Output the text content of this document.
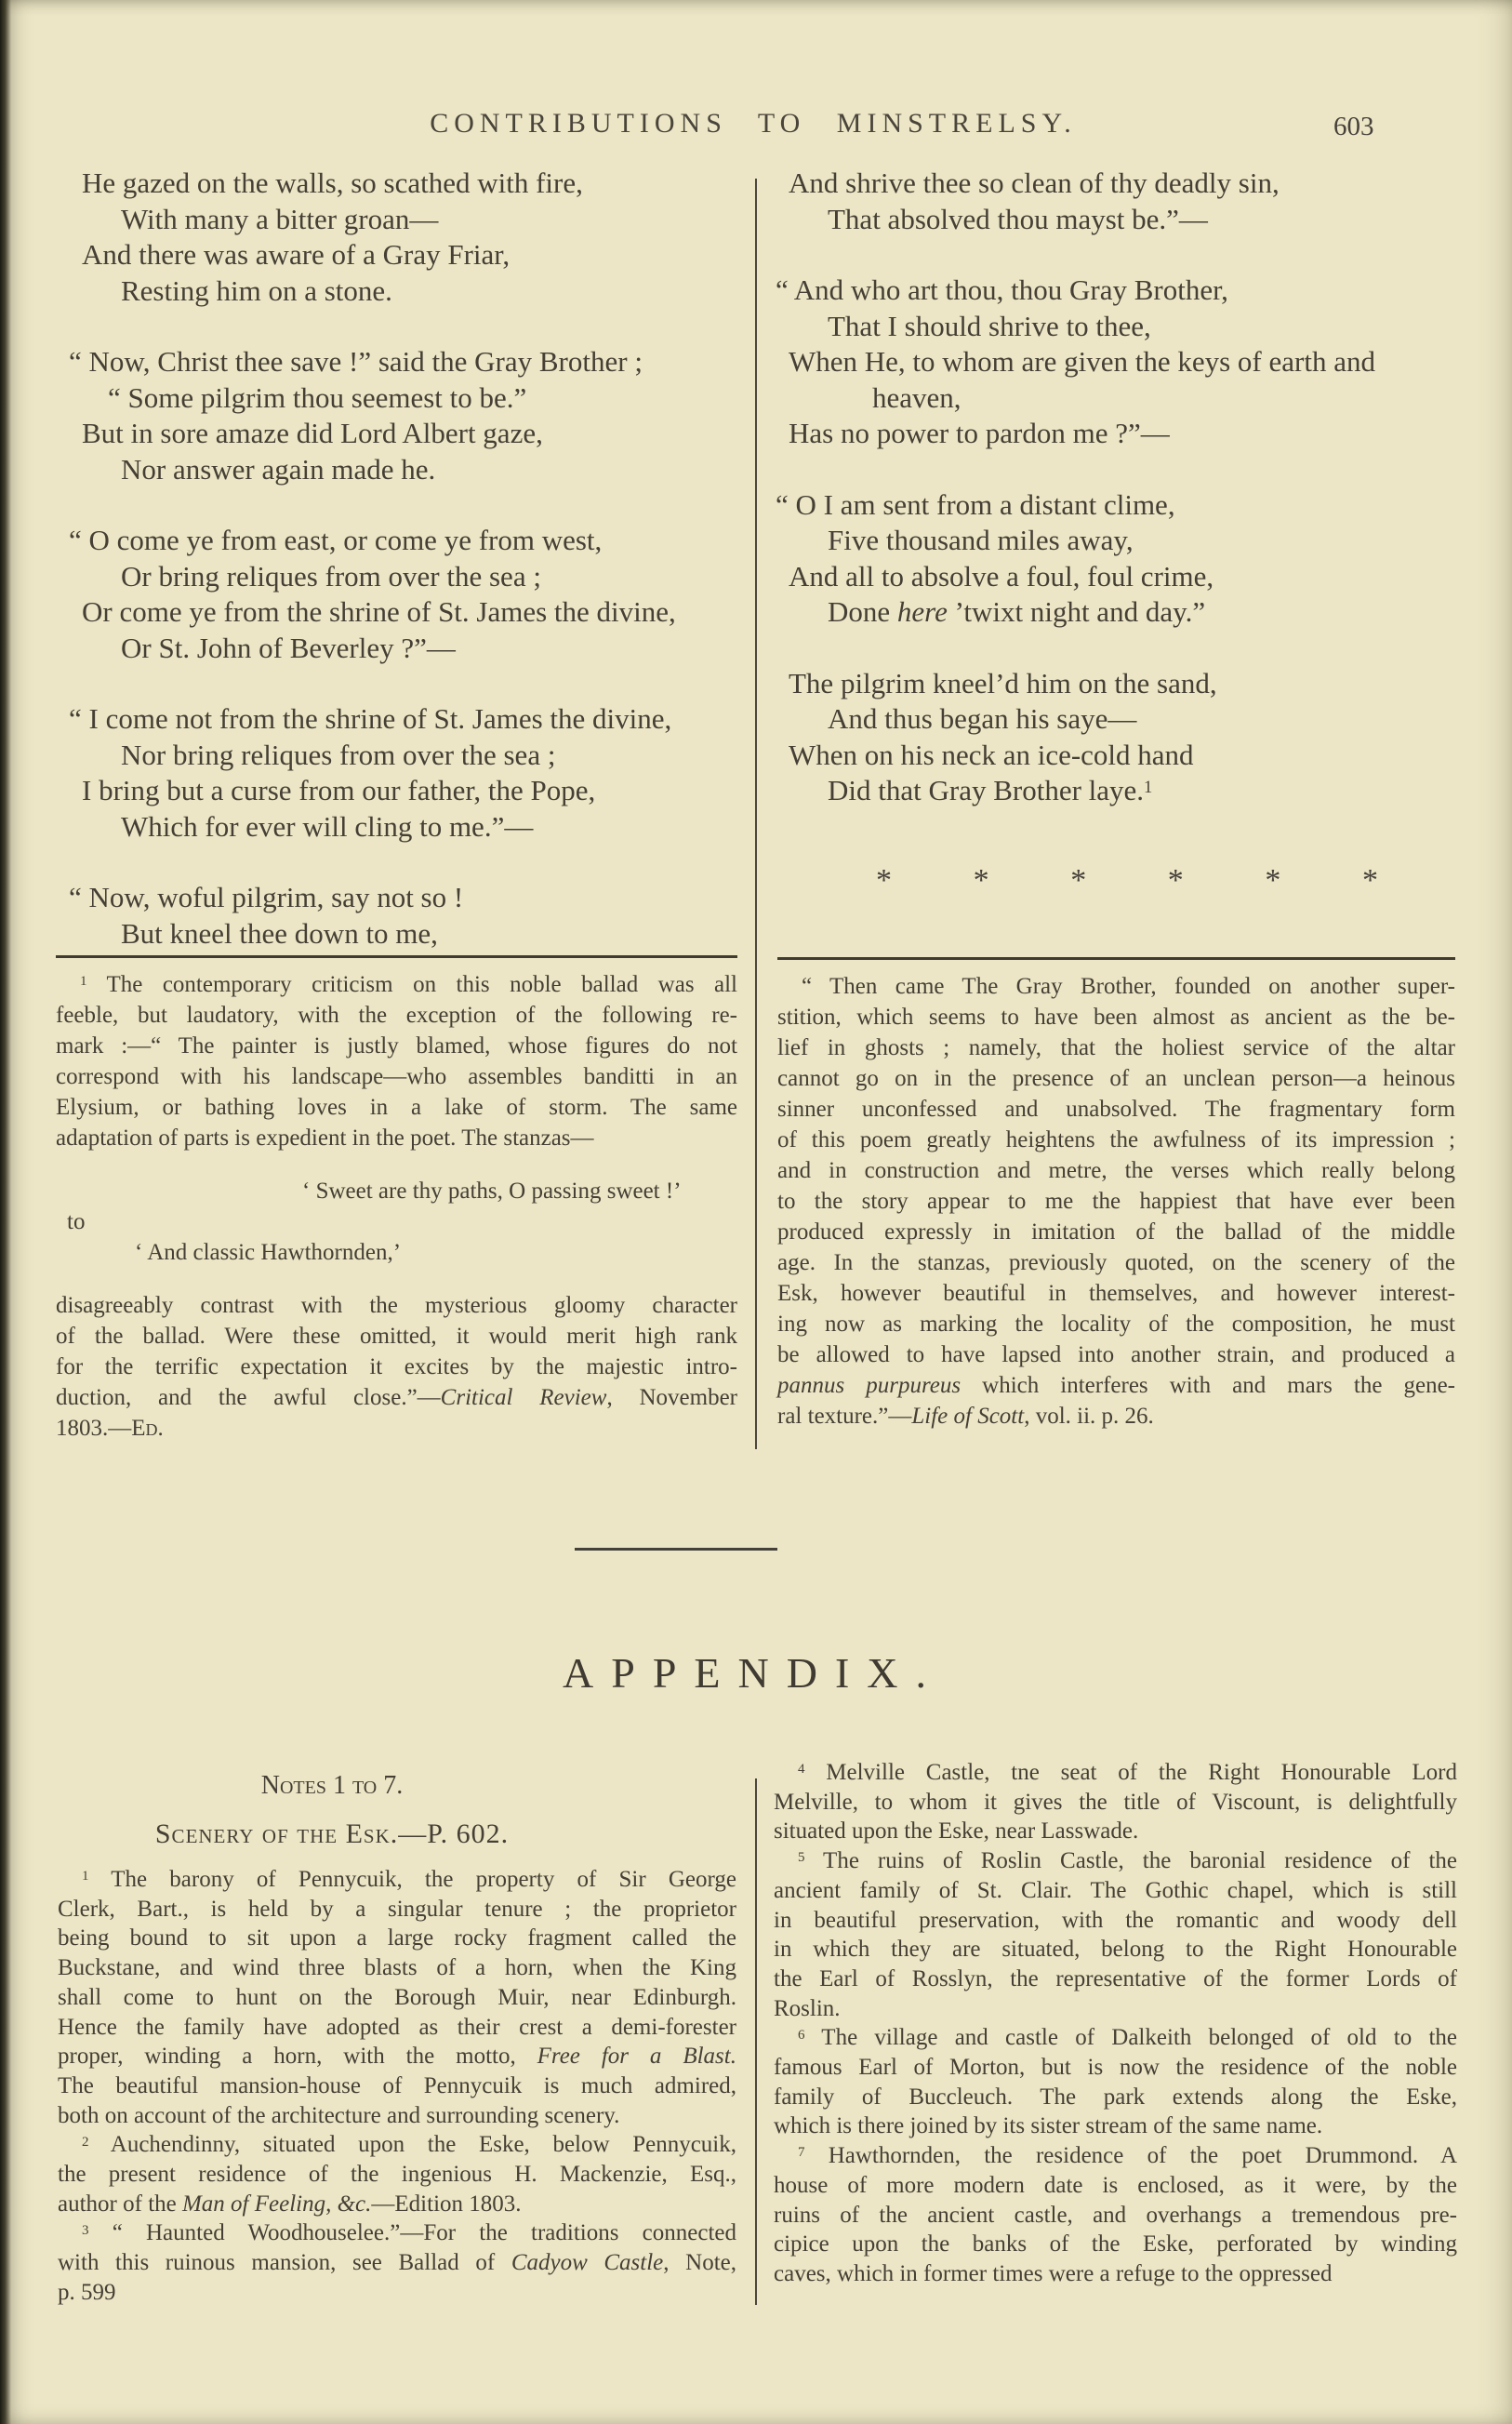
CONTRIBUTIONS TO MINSTRELSY.	603
He gazed on the walls, so scathed with fire,
With many a bitter groan—
And there was aware of a Gray Friar,
Resting him on a stone.
“ Now, Christ thee save !” said the Gray Brother ;
“ Some pilgrim thou seemest to be.”
But in sore amaze did Lord Albert gaze,
Nor answer again made he.
“ O come ye from east, or come ye from west,
Or bring reliques from over the sea ;
Or come ye from the shrine of St. James the divine,
Or St. John of Beverley ?”—
“ I come not from the shrine of St. James the divine,
Nor bring reliques from over the sea ;
I bring but a curse from our father, the Pope,
Which for ever will cling to me.”—
“ Now, woful pilgrim, say not so !
But kneel thee down to me,
And shrive thee so clean of thy deadly sin,
That absolved thou mayst be.”—
“ And who art thou, thou Gray Brother,
That I should shrive to thee,
When He, to whom are given the keys of earth and
heaven,
Has no power to pardon me ?”—
“ O I am sent from a distant clime,
Five thousand miles away,
And all to absolve a foul, foul crime,
Done here ’twixt night and day.”
The pilgrim kneel’d him on the sand,
And thus began his saye—
When on his neck an ice-cold hand
Did that Gray Brother laye.$^1$
*	*	*	*	*	*
$^1$ The contemporary criticism on this noble ballad was all
feeble, but laudatory, with the exception of the following re-
mark :—“ The painter is justly blamed, whose figures do not
correspond with his landscape—who assembles banditti in an
Elysium, or bathing loves in a lake of storm. The same
adaptation of parts is expedient in the poet. The stanzas—
‘ Sweet are thy paths, O passing sweet !’
to
‘ And classic Hawthornden,’
disagreeably contrast with the mysterious gloomy character
of the ballad. Were these omitted, it would merit high rank
for the terrific expectation it excites by the majestic intro-
duction, and the awful close.”—Critical Review, November
1803.—Ed.
“ Then came The Gray Brother, founded on another super-
stition, which seems to have been almost as ancient as the be-
lief in ghosts ; namely, that the holiest service of the altar
cannot go on in the presence of an unclean person—a heinous
sinner unconfessed and unabsolved. The fragmentary form
of this poem greatly heightens the awfulness of its impression ;
and in construction and metre, the verses which really belong
to the story appear to me the happiest that have ever been
produced expressly in imitation of the ballad of the middle
age. In the stanzas, previously quoted, on the scenery of the
Esk, however beautiful in themselves, and however interest-
ing now as marking the locality of the composition, he must
be allowed to have lapsed into another strain, and produced a
pannus purpureus which interferes with and mars the gene-
ral texture.”—Life of Scott, vol. ii. p. 26.
APPENDIX.
Notes 1 to 7.
Scenery of the Esk.—P. 602.
$^1$ The barony of Pennycuik, the property of Sir George
Clerk, Bart., is held by a singular tenure ; the proprietor
being bound to sit upon a large rocky fragment called the
Buckstane, and wind three blasts of a horn, when the King
shall come to hunt on the Borough Muir, near Edinburgh.
Hence the family have adopted as their crest a demi-forester
proper, winding a horn, with the motto, Free for a Blast.
The beautiful mansion-house of Pennycuik is much admired,
both on account of the architecture and surrounding scenery.
$^2$ Auchendinny, situated upon the Eske, below Pennycuik,
the present residence of the ingenious H. Mackenzie, Esq.,
author of the Man of Feeling, &c.—Edition 1803.
$^3$ “ Haunted Woodhouselee.”—For the traditions connected
with this ruinous mansion, see Ballad of Cadyow Castle, Note,
p. 599
$^4$ Melville Castle, tne seat of the Right Honourable Lord
Melville, to whom it gives the title of Viscount, is delightfully
situated upon the Eske, near Lasswade.
$^5$ The ruins of Roslin Castle, the baronial residence of the
ancient family of St. Clair. The Gothic chapel, which is still
in beautiful preservation, with the romantic and woody dell
in which they are situated, belong to the Right Honourable
the Earl of Rosslyn, the representative of the former Lords of
Roslin.
$^6$ The village and castle of Dalkeith belonged of old to the
famous Earl of Morton, but is now the residence of the noble
family of Buccleuch. The park extends along the Eske,
which is there joined by its sister stream of the same name.
$^7$ Hawthornden, the residence of the poet Drummond. A
house of more modern date is enclosed, as it were, by the
ruins of the ancient castle, and overhangs a tremendous pre-
cipice upon the banks of the Eske, perforated by winding
caves, which in former times were a refuge to the oppressed
